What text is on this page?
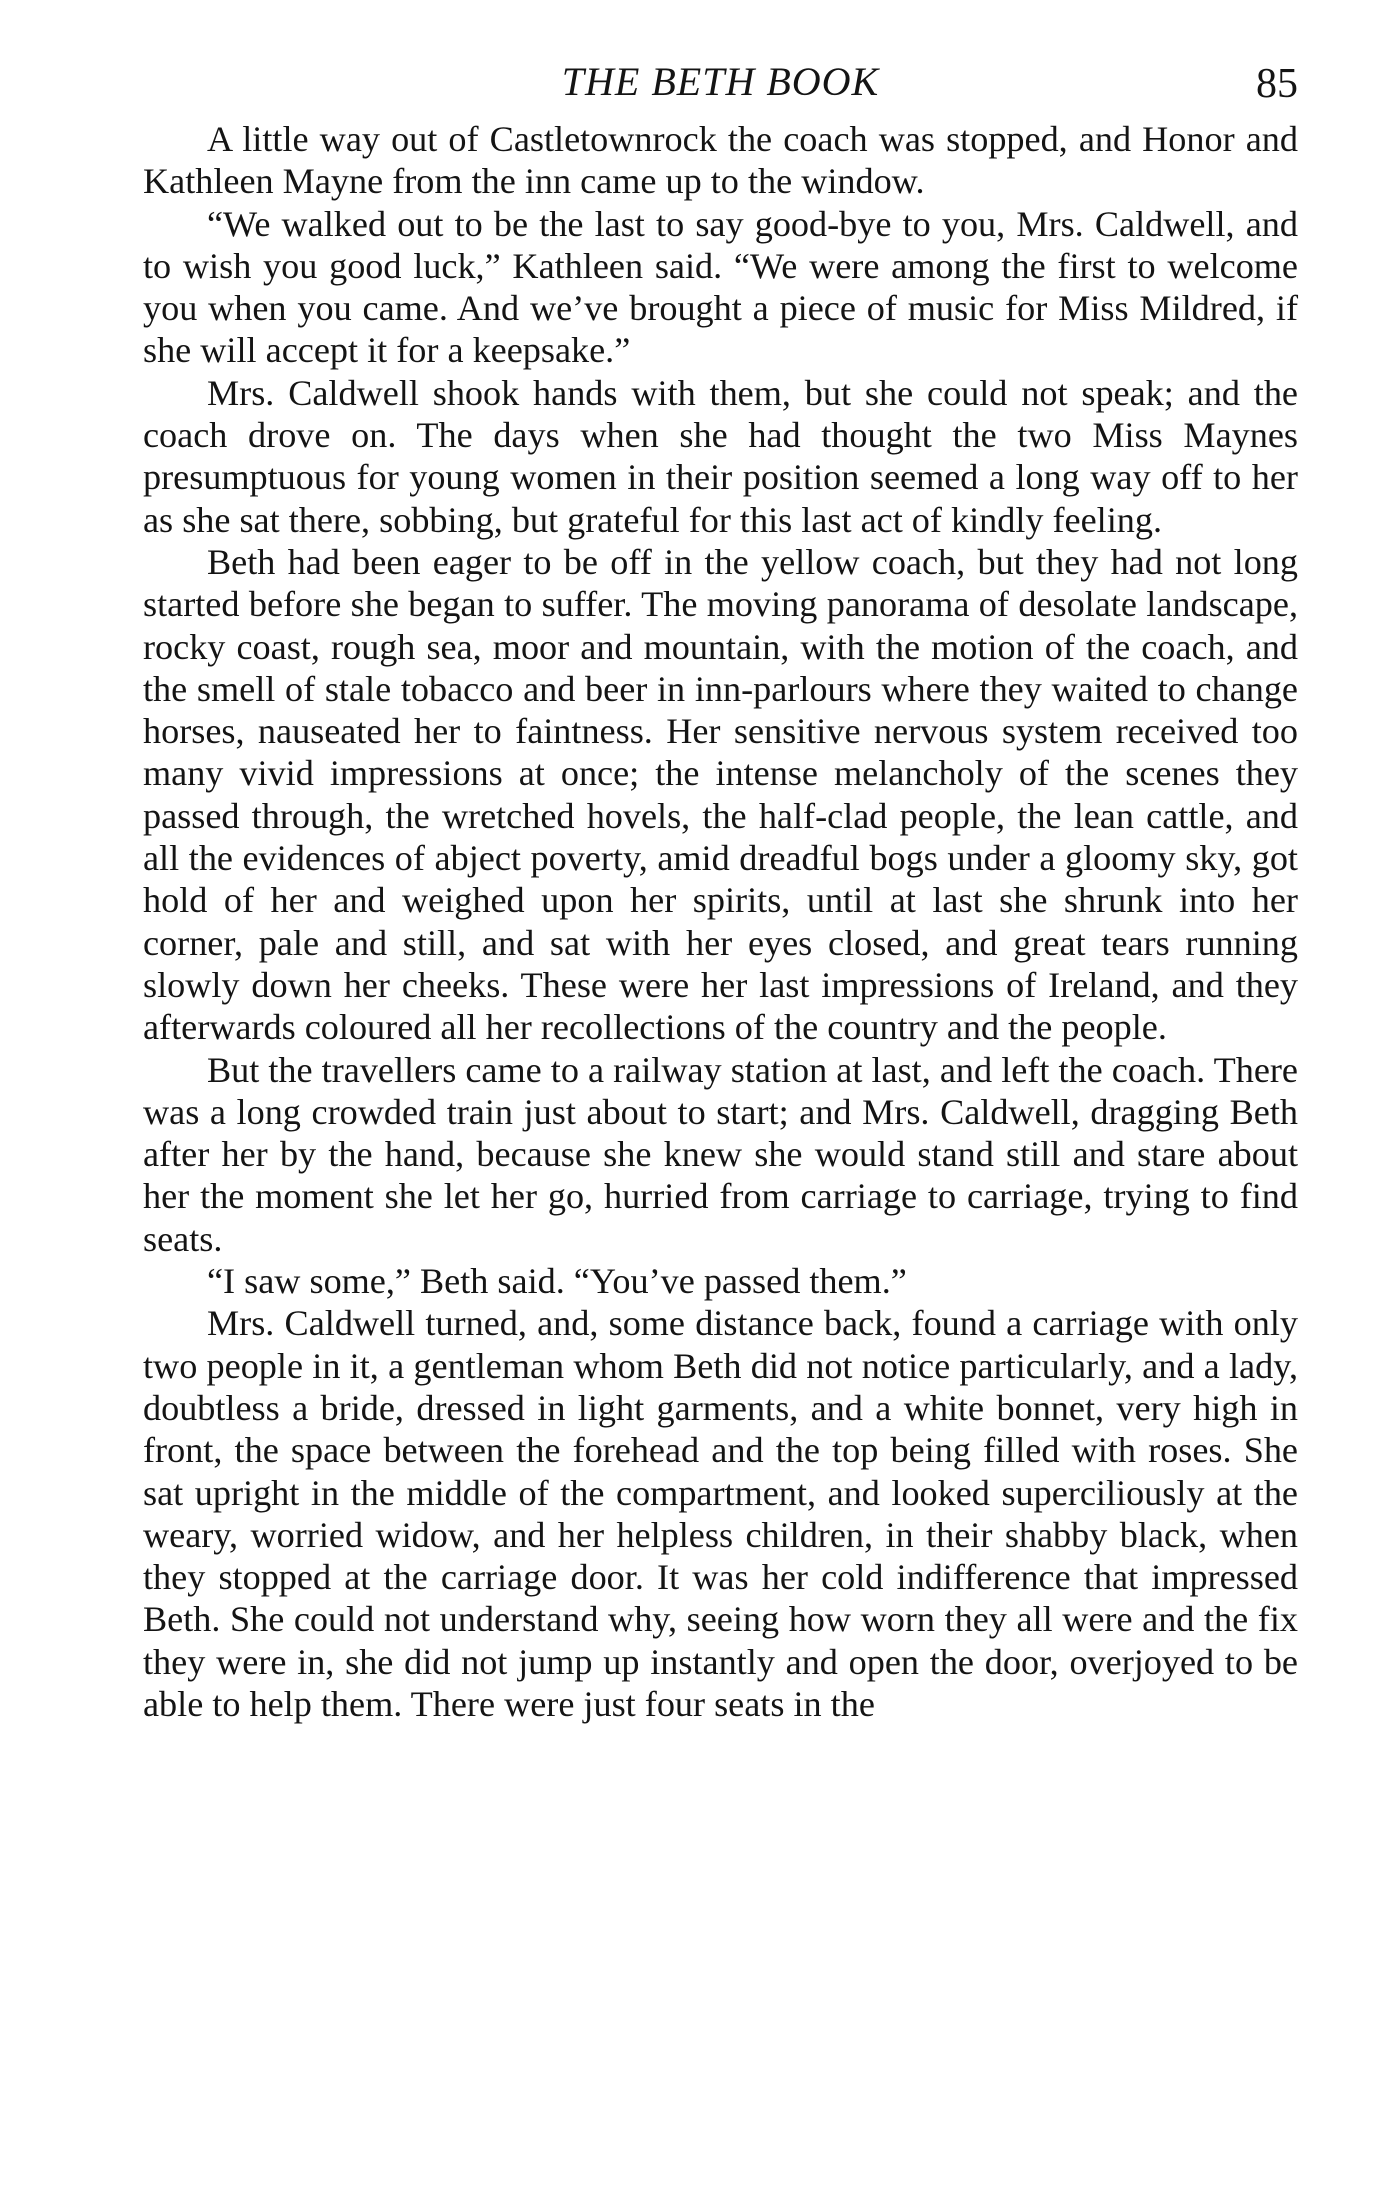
THE BETH BOOK	85

A little way out of Castletownrock the coach was stopped, and Honor and Kathleen Mayne from the inn came up to the window.

“We walked out to be the last to say good-bye to you, Mrs. Caldwell, and to wish you good luck,” Kathleen said. “We were among the first to welcome you when you came. And we’ve brought a piece of music for Miss Mildred, if she will accept it for a keepsake.”

Mrs. Caldwell shook hands with them, but she could not speak; and the coach drove on. The days when she had thought the two Miss Maynes presumptuous for young women in their position seemed a long way off to her as she sat there, sobbing, but grateful for this last act of kindly feeling.

Beth had been eager to be off in the yellow coach, but they had not long started before she began to suffer. The moving panorama of desolate landscape, rocky coast, rough sea, moor and mountain, with the motion of the coach, and the smell of stale tobacco and beer in inn-parlours where they waited to change horses, nauseated her to faintness. Her sensitive nervous system received too many vivid impressions at once; the intense melancholy of the scenes they passed through, the wretched hovels, the half-clad people, the lean cattle, and all the evidences of abject poverty, amid dreadful bogs under a gloomy sky, got hold of her and weighed upon her spirits, until at last she shrunk into her corner, pale and still, and sat with her eyes closed, and great tears running slowly down her cheeks. These were her last impressions of Ireland, and they afterwards coloured all her recollections of the country and the people.

But the travellers came to a railway station at last, and left the coach. There was a long crowded train just about to start; and Mrs. Caldwell, dragging Beth after her by the hand, because she knew she would stand still and stare about her the moment she let her go, hurried from carriage to carriage, trying to find seats.

“I saw some,” Beth said. “You’ve passed them.”

Mrs. Caldwell turned, and, some distance back, found a carriage with only two people in it, a gentleman whom Beth did not notice particularly, and a lady, doubtless a bride, dressed in light garments, and a white bonnet, very high in front, the space between the forehead and the top being filled with roses. She sat upright in the middle of the compartment, and looked superciliously at the weary, worried widow, and her helpless children, in their shabby black, when they stopped at the carriage door. It was her cold indifference that impressed Beth. She could not understand why, seeing how worn they all were and the fix they were in, she did not jump up instantly and open the door, overjoyed to be able to help them. There were just four seats in the
